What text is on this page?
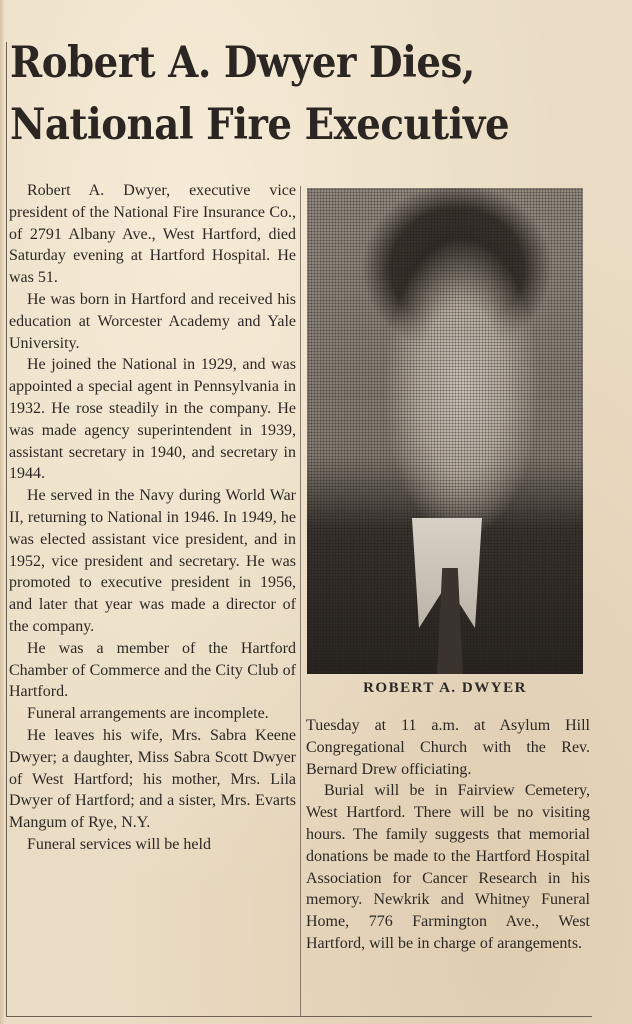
Robert A. Dwyer Dies,
National Fire Executive

Robert A. Dwyer, executive vice president of the National Fire Insurance Co., of 2791 Albany Ave., West Hartford, died Saturday evening at Hartford Hospital. He was 51.

He was born in Hartford and received his education at Worcester Academy and Yale University.

He joined the National in 1929, and was appointed a special agent in Pennsylvania in 1932. He rose steadily in the company. He was made agency superintendent in 1939, assistant secretary in 1940, and secretary in 1944.

He served in the Navy during World War II, returning to National in 1946. In 1949, he was elected assistant vice president, and in 1952, vice president and secretary. He was promoted to executive president in 1956, and later that year was made a director of the company.

He was a member of the Hartford Chamber of Commerce and the City Club of Hartford.

Funeral arrangements are incomplete.

He leaves his wife, Mrs. Sabra Keene Dwyer; a daughter, Miss Sabra Scott Dwyer of West Hartford; his mother, Mrs. Lila Dwyer of Hartford; and a sister, Mrs. Evarts Mangum of Rye, N.Y.

Funeral services will be held

ROBERT A. DWYER

Tuesday at 11 a.m. at Asylum Hill Congregational Church with the Rev. Bernard Drew officiating.

Burial will be in Fairview Cemetery, West Hartford. There will be no visiting hours. The family suggests that memorial donations be made to the Hartford Hospital Association for Cancer Research in his memory. Newkrik and Whitney Funeral Home, 776 Farmington Ave., West Hartford, will be in charge of arangements.
